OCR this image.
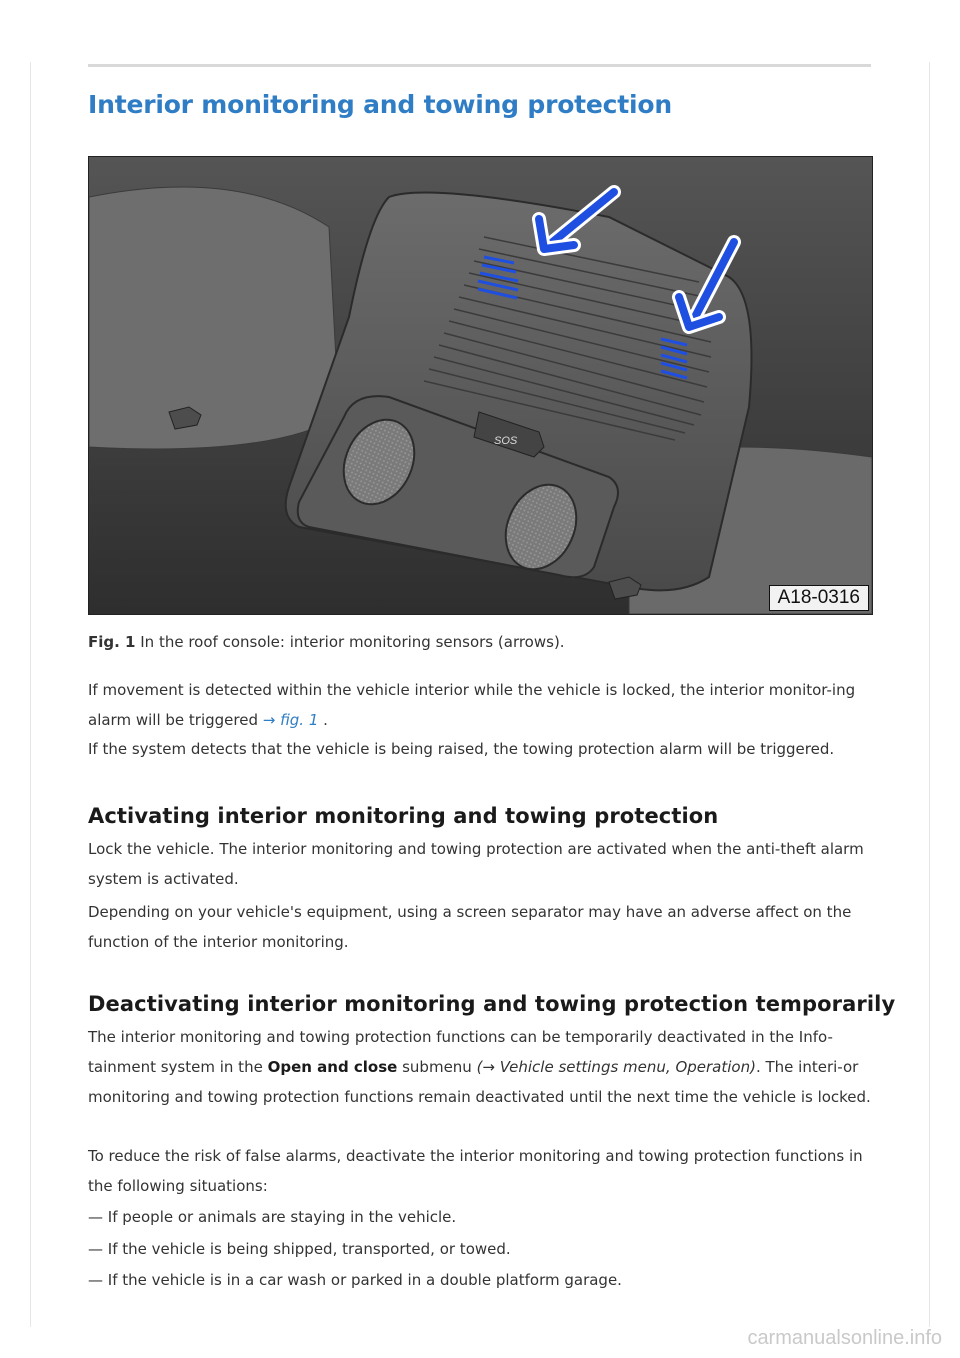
Interior monitoring and towing protection
SOS
A18-0316
Fig. 1 In the roof console: interior monitoring sensors (arrows).

If movement is detected within the vehicle interior while the vehicle is locked, the interior monitor-ing alarm will be triggered → fig. 1 .

If the system detects that the vehicle is being raised, the towing protection alarm will be triggered.

Activating interior monitoring and towing protection

Lock the vehicle. The interior monitoring and towing protection are activated when the anti-theft alarm system is activated.

Depending on your vehicle's equipment, using a screen separator may have an adverse affect on the function of the interior monitoring.

Deactivating interior monitoring and towing protection temporarily

The interior monitoring and towing protection functions can be temporarily deactivated in the Info-tainment system in the Open and close submenu (→ Vehicle settings menu, Operation). The interi-or monitoring and towing protection functions remain deactivated until the next time the vehicle is locked.

To reduce the risk of false alarms, deactivate the interior monitoring and towing protection functions in the following situations:

— If people or animals are staying in the vehicle.
— If the vehicle is being shipped, transported, or towed.
— If the vehicle is in a car wash or parked in a double platform garage.
carmanualsonline.info
